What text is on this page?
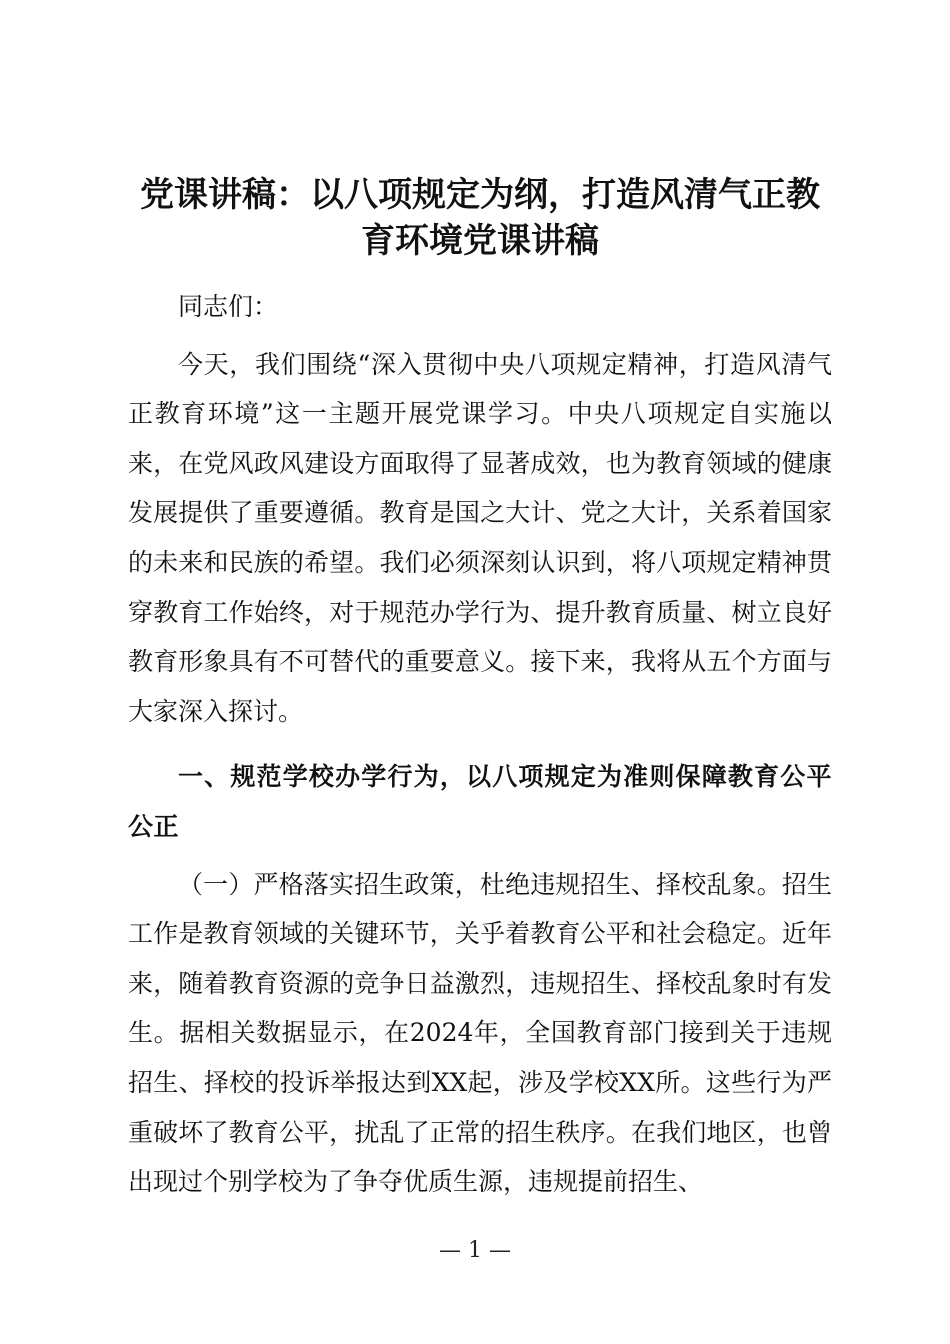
党课讲稿：以八项规定为纲，打造风清气正教
育环境党课讲稿

同志们：

今天，我们围绕“深入贯彻中央八项规定精神，打造风清气正教育环境”这一主题开展党课学习。中央八项规定自实施以来，在党风政风建设方面取得了显著成效，也为教育领域的健康发展提供了重要遵循。教育是国之大计、党之大计，关系着国家的未来和民族的希望。我们必须深刻认识到，将八项规定精神贯穿教育工作始终，对于规范办学行为、提升教育质量、树立良好教育形象具有不可替代的重要意义。接下来，我将从五个方面与大家深入探讨。

一、规范学校办学行为，以八项规定为准则保障教育公平公正

（一）严格落实招生政策，杜绝违规招生、择校乱象。招生工作是教育领域的关键环节，关乎着教育公平和社会稳定。近年来，随着教育资源的竞争日益激烈，违规招生、择校乱象时有发生。据相关数据显示，在2024年，全国教育部门接到关于违规招生、择校的投诉举报达到XX起，涉及学校XX所。这些行为严重破坏了教育公平，扰乱了正常的招生秩序。在我们地区，也曾出现过个别学校为了争夺优质生源，违规提前招生、

— 1 —
